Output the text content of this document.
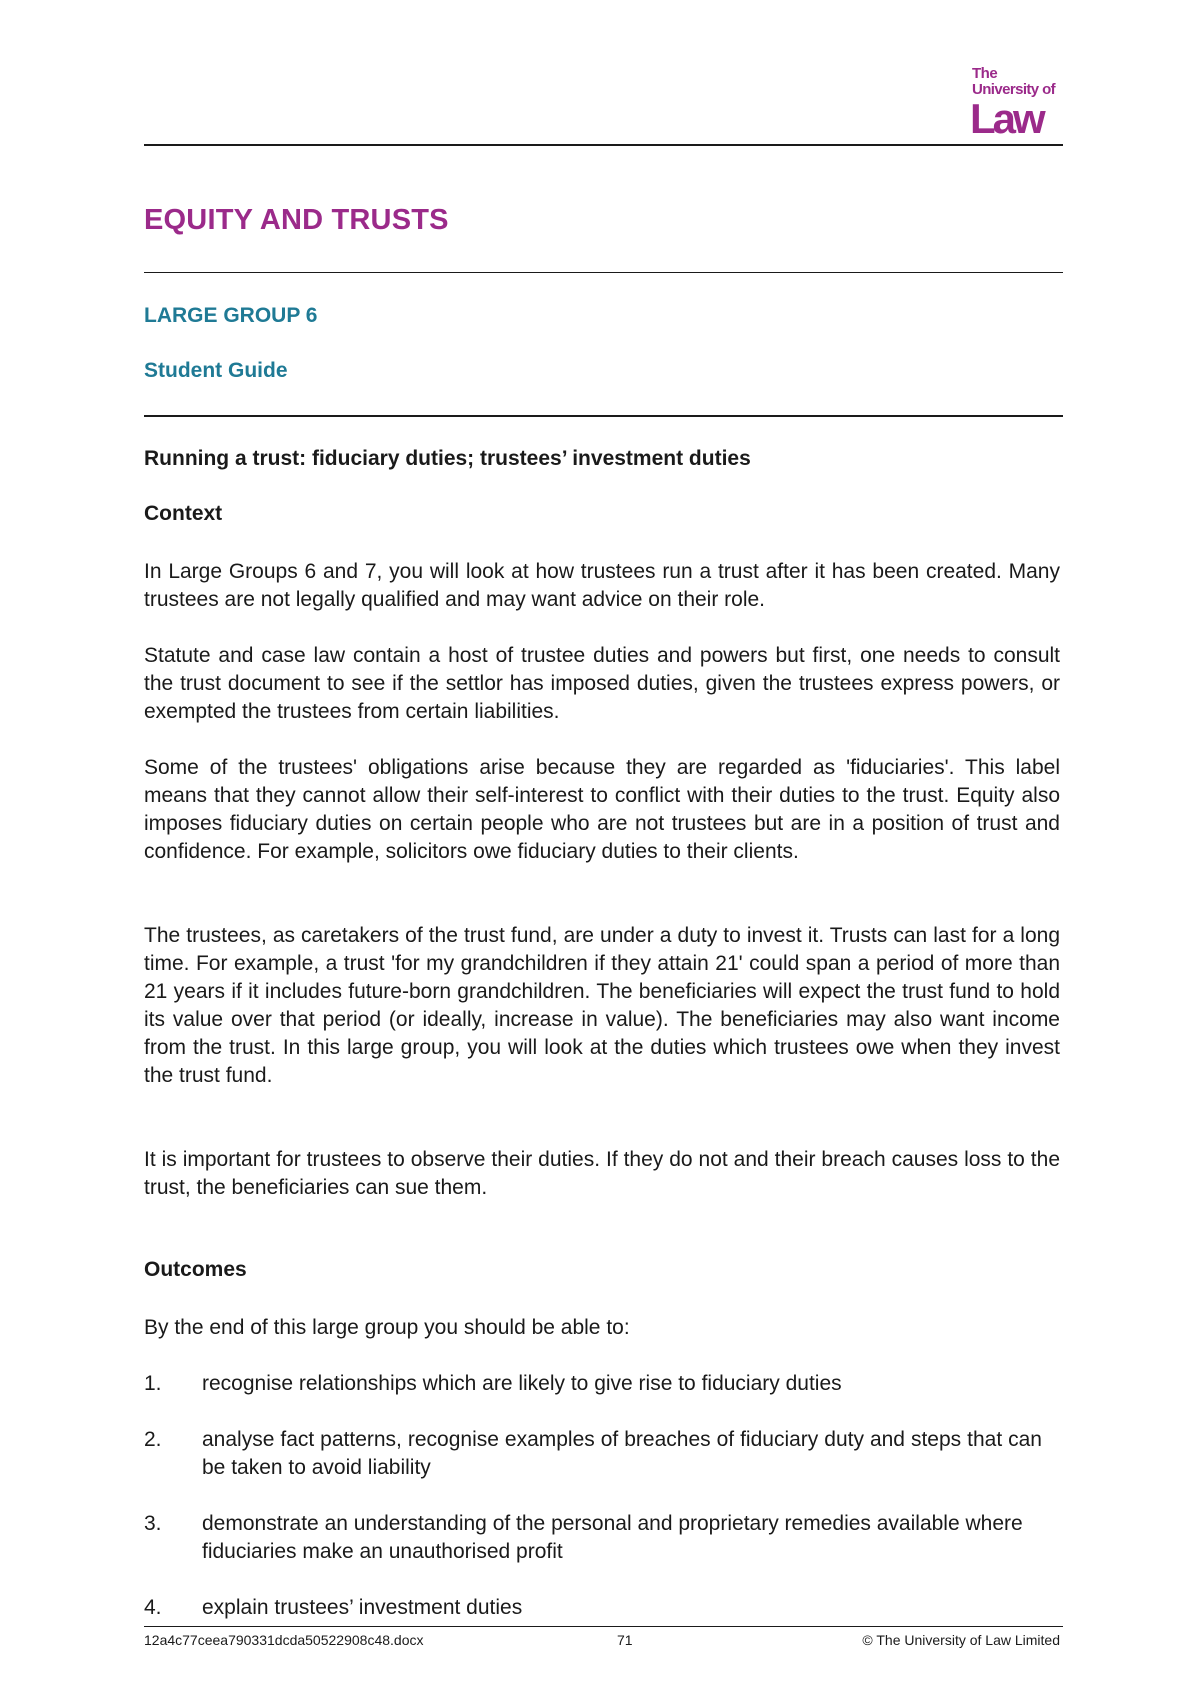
The
University of
Law
EQUITY AND TRUSTS
LARGE GROUP 6
Student Guide
Running a trust: fiduciary duties; trustees’ investment duties
Context

In Large Groups 6 and 7, you will look at how trustees run a trust after it has been created. Many trustees are not legally qualified and may want advice on their role.

Statute and case law contain a host of trustee duties and powers but first, one needs to consult the trust document to see if the settlor has imposed duties, given the trustees express powers, or exempted the trustees from certain liabilities.

Some of the trustees' obligations arise because they are regarded as 'fiduciaries'. This label means that they cannot allow their self-interest to conflict with their duties to the trust. Equity also imposes fiduciary duties on certain people who are not trustees but are in a position of trust and confidence. For example, solicitors owe fiduciary duties to their clients.

The trustees, as caretakers of the trust fund, are under a duty to invest it. Trusts can last for a long time. For example, a trust 'for my grandchildren if they attain 21' could span a period of more than 21 years if it includes future-born grandchildren. The beneficiaries will expect the trust fund to hold its value over that period (or ideally, increase in value). The beneficiaries may also want income from the trust. In this large group, you will look at the duties which trustees owe when they invest the trust fund.

It is important for trustees to observe their duties. If they do not and their breach causes loss to the trust, the beneficiaries can sue them.

Outcomes

By the end of this large group you should be able to:

1. recognise relationships which are likely to give rise to fiduciary duties

2. analyse fact patterns, recognise examples of breaches of fiduciary duty and steps that can be taken to avoid liability

3. demonstrate an understanding of the personal and proprietary remedies available where fiduciaries make an unauthorised profit

4. explain trustees’ investment duties

12a4c77ceea790331dcda50522908c48.docx	71	© The University of Law Limited
